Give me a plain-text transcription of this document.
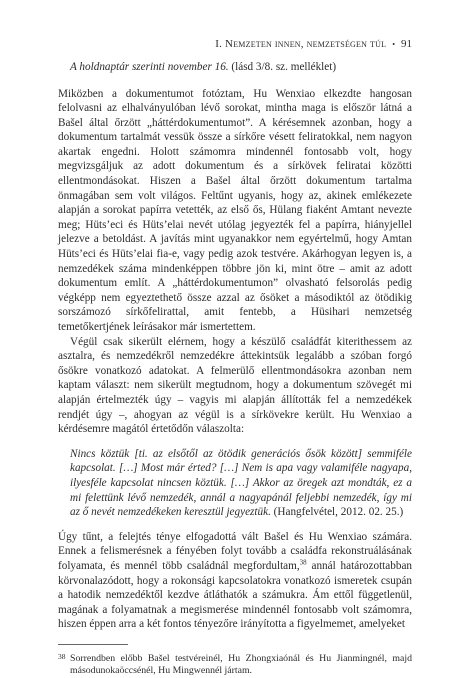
I. Nemzeten innen, nemzetségen túl • 91

A holdnaptár szerinti november 16. (lásd 3/8. sz. melléklet)

Miközben a dokumentumot fotóztam, Hu Wenxiao elkezdte hangosan felolvasni az elhalványulóban lévő sorokat, mintha maga is először látná a Bašel által őrzött „háttérdokumentumot”. A kérésemnek azonban, hogy a dokumentum tartalmát vessük össze a sírkőre vésett feliratokkal, nem nagyon akartak engedni. Holott számomra mindennél fontosabb volt, hogy megvizsgáljuk az adott dokumentum és a sírkövek feliratai közötti ellentmondásokat. Hiszen a Bašel által őrzött dokumentum tartalma önmagában sem volt világos. Feltűnt ugyanis, hogy az, akinek emlékezete alapján a sorokat papírra vetették, az első ős, Hülang fiaként Amtant nevezte meg; Hüts’eci és Hüts’elai nevét utólag jegyezték fel a papírra, hiányjellel jelezve a betoldást. A javítás mint ugyanakkor nem egyértelmű, hogy Amtan Hüts’eci és Hüts’elai fia-e, vagy pedig azok testvére. Akárhogyan legyen is, a nemzedékek száma mindenképpen többre jön ki, mint ötre – amit az adott dokumentum említ. A „háttérdokumentumon” olvasható felsorolás pedig végképp nem egyeztethető össze azzal az ősöket a másodiktól az ötödikig sorszámozó sírkőfelirattal, amit fentebb, a Hüsihari nemzetség temetőkertjének leírásakor már ismertettem.

Végül csak sikerült elérnem, hogy a készülő családfát kiterithessem az asztalra, és nemzedékről nemzedékre áttekintsük legalább a szóban forgó ősökre vonatkozó adatokat. A felmerülő ellentmondásokra azonban nem kaptam választ: nem sikerült megtudnom, hogy a dokumentum szövegét mi alapján értelmezték úgy – vagyis mi alapján állították fel a nemzedékek rendjét úgy –, ahogyan az végül is a sírkövekre került. Hu Wenxiao a kérdésemre magától értetődőn válaszolta:

Nincs köztük [ti. az elsőtől az ötödik generációs ősök között] semmiféle kapcsolat. […] Most már érted? […] Nem is apa vagy valamiféle nagyapa, ilyesféle kapcsolat nincsen köztük. […] Akkor az öregek azt mondták, ez a mi felettünk lévő nemzedék, annál a nagyapánál feljebbi nemzedék, így mi az ő nevét nemzedékeken keresztül jegyeztük. (Hangfelvétel, 2012. 02. 25.)

Úgy tűnt, a felejtés ténye elfogadottá vált Bašel és Hu Wenxiao számára. Ennek a felismerésnek a fényében folyt tovább a családfa rekonstruálásának folyamata, és mennél több családnál megfordultam,$^{38}$ annál határozottabban körvonalazódott, hogy a rokonsági kapcsolatokra vonatkozó ismeretek csupán a hatodik nemzedéktől kezdve átláthatók a számukra. Ám ettől függetlenül, magának a folyamatnak a megismerése mindennél fontosabb volt számomra, hiszen éppen arra a két fontos tényezőre irányította a figyelmemet, amelyeket

38 Sorrendben előbb Bašel testvéreinél, Hu Zhongxiaónál és Hu Jianmingnél, majd másodunokaöccsénél, Hu Mingwennél jártam.
